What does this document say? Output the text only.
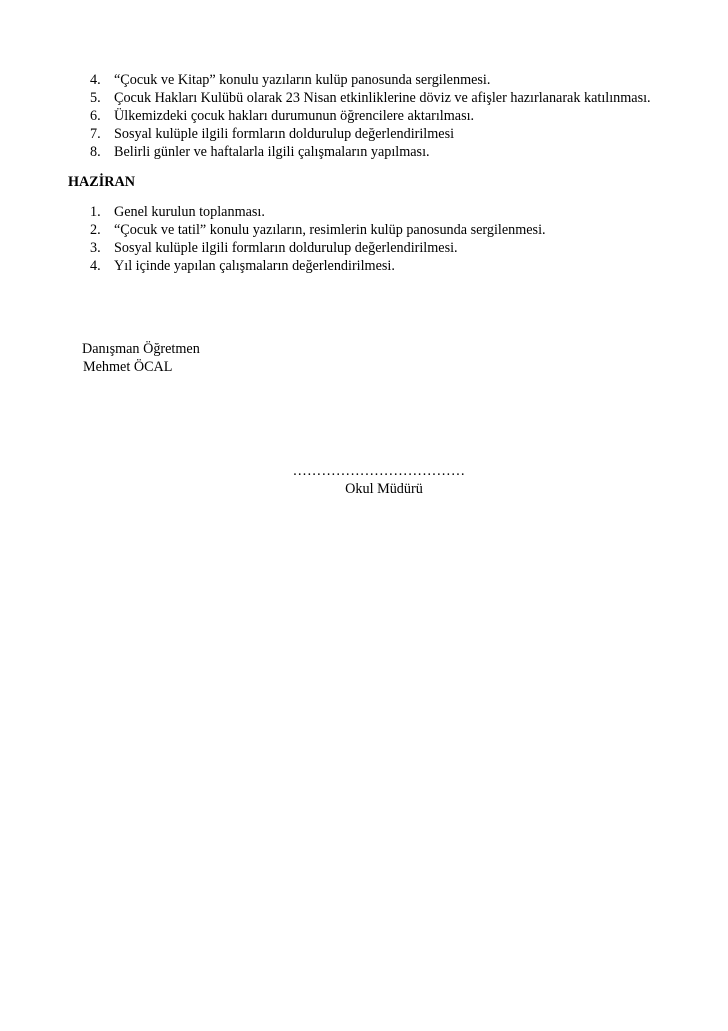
4. “Çocuk ve Kitap” konulu yazıların kulüp panosunda sergilenmesi.
5. Çocuk Hakları Kulübü olarak 23 Nisan etkinliklerine döviz ve afişler hazırlanarak katılınması.
6. Ülkemizdeki çocuk hakları durumunun öğrencilere aktarılması.
7. Sosyal kulüple ilgili formların doldurulup değerlendirilmesi
8. Belirli günler ve haftalarla ilgili çalışmaların yapılması.
HAZİRAN
1. Genel kurulun toplanması.
2. “Çocuk ve tatil” konulu yazıların, resimlerin kulüp panosunda sergilenmesi.
3. Sosyal kulüple ilgili formların doldurulup değerlendirilmesi.
4. Yıl içinde yapılan çalışmaların değerlendirilmesi.
Danışman Öğretmen
Mehmet ÖCAL
………………………………
Okul Müdürü
